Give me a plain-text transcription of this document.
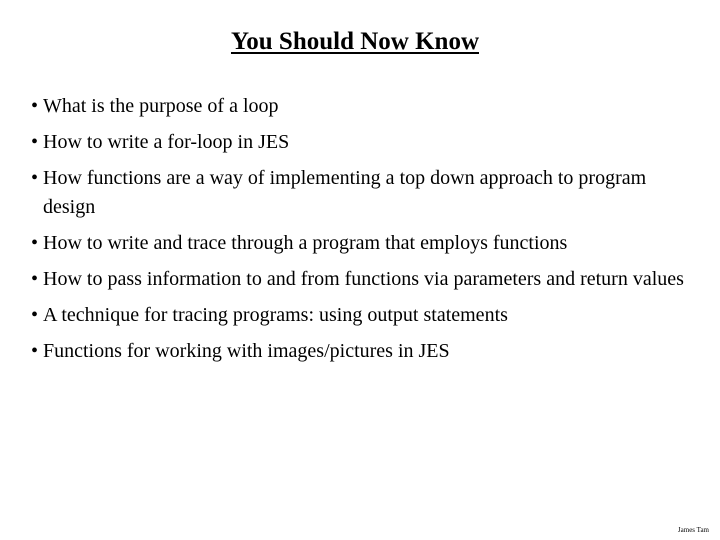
You Should Now Know
• What is the purpose of a loop
• How to write a for-loop in JES
• How functions are a way of implementing a top down approach to program design
• How to write and trace through a program that employs functions
• How to pass information to and from functions via parameters and return values
• A technique for tracing programs: using output statements
• Functions for working with images/pictures in JES
James Tam
